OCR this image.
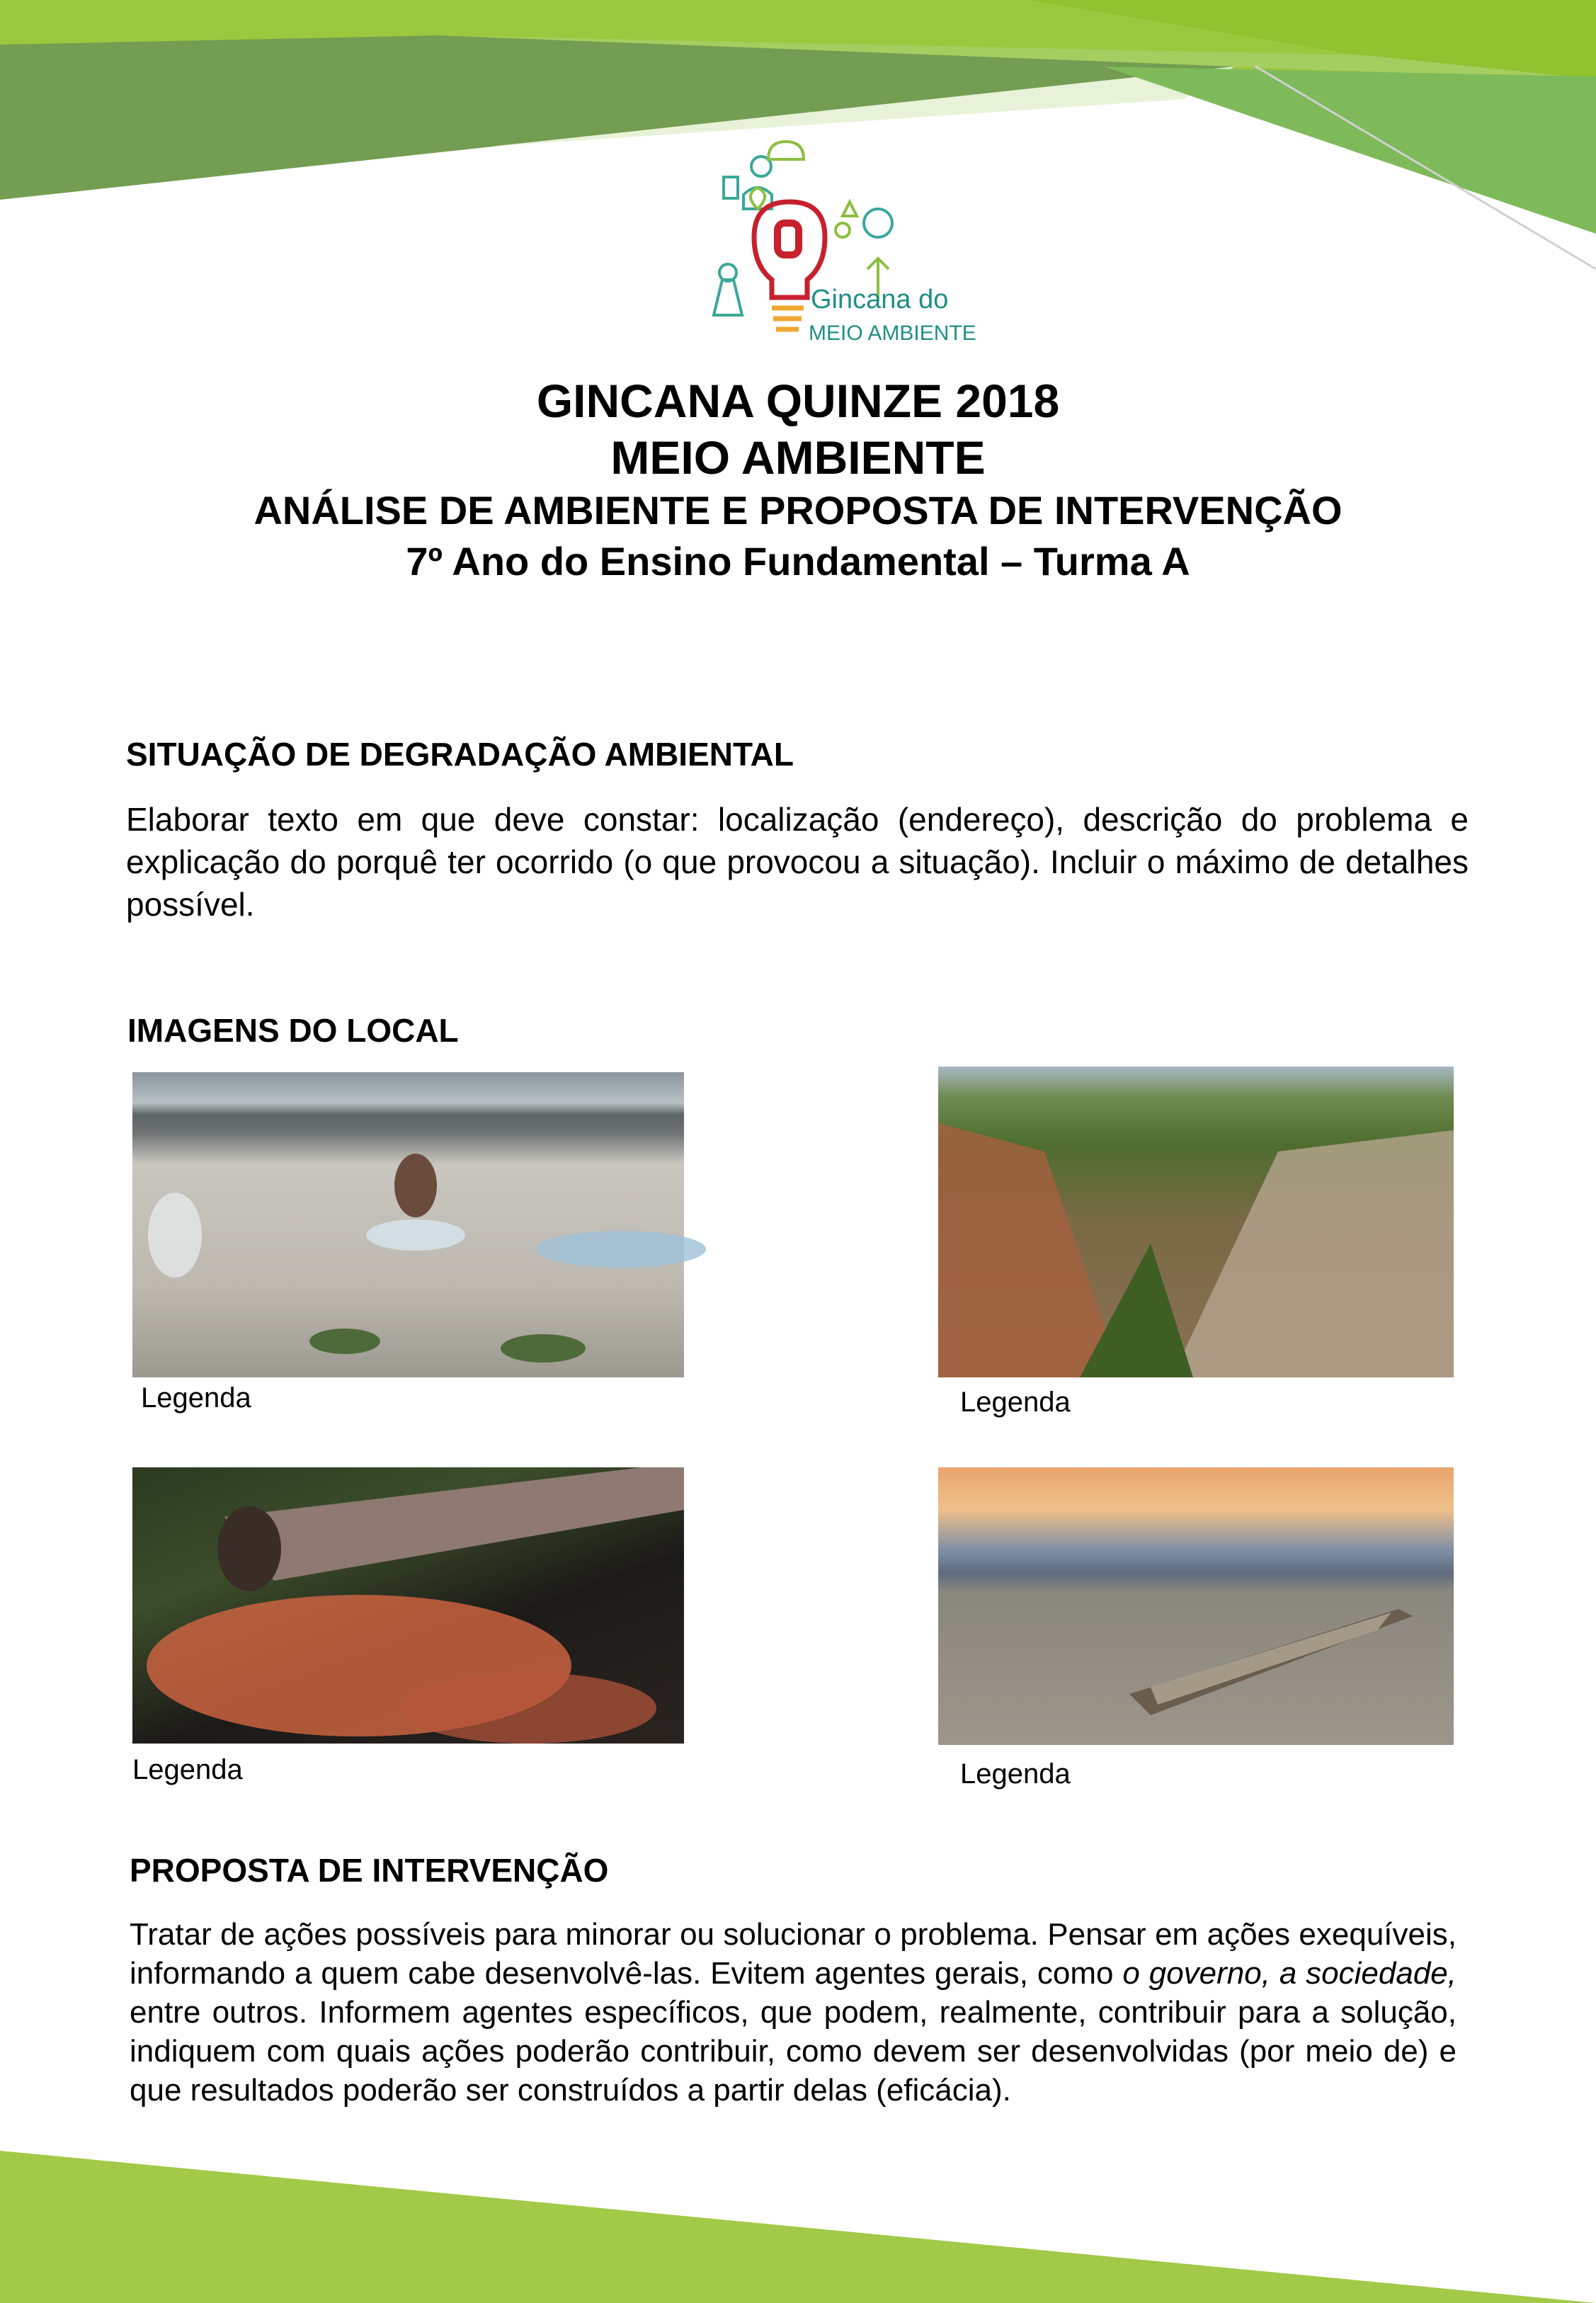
Gincana do
MEIO AMBIENTE
GINCANA QUINZE 2018
MEIO AMBIENTE
ANÁLISE DE AMBIENTE E PROPOSTA DE INTERVENÇÃO
7º Ano do Ensino Fundamental – Turma A
SITUAÇÃO DE DEGRADAÇÃO AMBIENTAL
Elaborar texto em que deve constar: localização (endereço), descrição do problema e explicação do porquê ter ocorrido (o que provocou a situação). Incluir o máximo de detalhes possível.
IMAGENS DO LOCAL
Legenda	Legenda
Legenda	Legenda
PROPOSTA DE INTERVENÇÃO
Tratar de ações possíveis para minorar ou solucionar o problema. Pensar em ações exequíveis, informando a quem cabe desenvolvê-las. Evitem agentes gerais, como o governo, a sociedade, entre outros. Informem agentes específicos, que podem, realmente, contribuir para a solução, indiquem com quais ações poderão contribuir, como devem ser desenvolvidas (por meio de) e que resultados poderão ser construídos a partir delas (eficácia).
